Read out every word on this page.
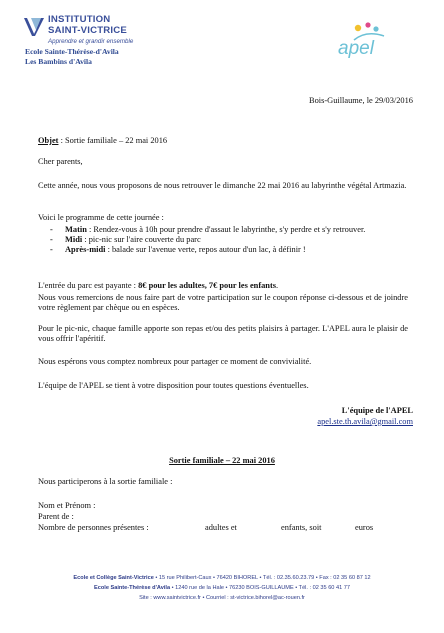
INSTITUTION
SAINT-VICTRICE
Apprendre et grandir ensemble
Ecole Sainte-Thérèse-d'Avila
Les Bambins d'Avila
apel
Bois-Guillaume, le 29/03/2016
Objet : Sortie familiale – 22 mai 2016

Cher parents,

Cette année, nous vous proposons de nous retrouver le dimanche 22 mai 2016 au labyrinthe végétal Artmazia.

Voici le programme de cette journée :

- Matin : Rendez-vous à 10h pour prendre d'assaut le labyrinthe, s'y perdre et s'y retrouver.
- Midi : pic-nic sur l'aire couverte du parc
- Après-midi : balade sur l'avenue verte, repos autour d'un lac, à définir !

L'entrée du parc est payante : 8€ pour les adultes, 7€ pour les enfants.

Nous vous remercions de nous faire part de votre participation sur le coupon réponse ci-dessous et de joindre votre règlement par chèque ou en espèces.

Pour le pic-nic, chaque famille apporte son repas et/ou des petits plaisirs à partager. L'APEL aura le plaisir de vous offrir l'apéritif.

Nous espérons vous comptez nombreux pour partager ce moment de convivialité.

L'équipe de l'APEL se tient à votre disposition pour toutes questions éventuelles.

L'équipe de l'APEL
apel.ste.th.avila@gmail.com
Sortie familiale – 22 mai 2016
Nous participerons à la sortie familiale :
Nom et Prénom :
Parent de :
Nombre de personnes présentes :	adultes et	enfants, soit	euros
Ecole et Collège Saint-Victrice • 15 rue Philibert-Caux • 76420 BIHOREL • Tél. : 02.35.60.23.79 • Fax : 02 35 60 87 12
Ecole Sainte-Thérèse d'Avila • 1240 rue de la Hale • 76230 BOIS-GUILLAUME • Tél. : 02 35 60 41 77
Site : www.saintvictrice.fr • Courriel : st-victrice.bihorel@ac-rouen.fr
